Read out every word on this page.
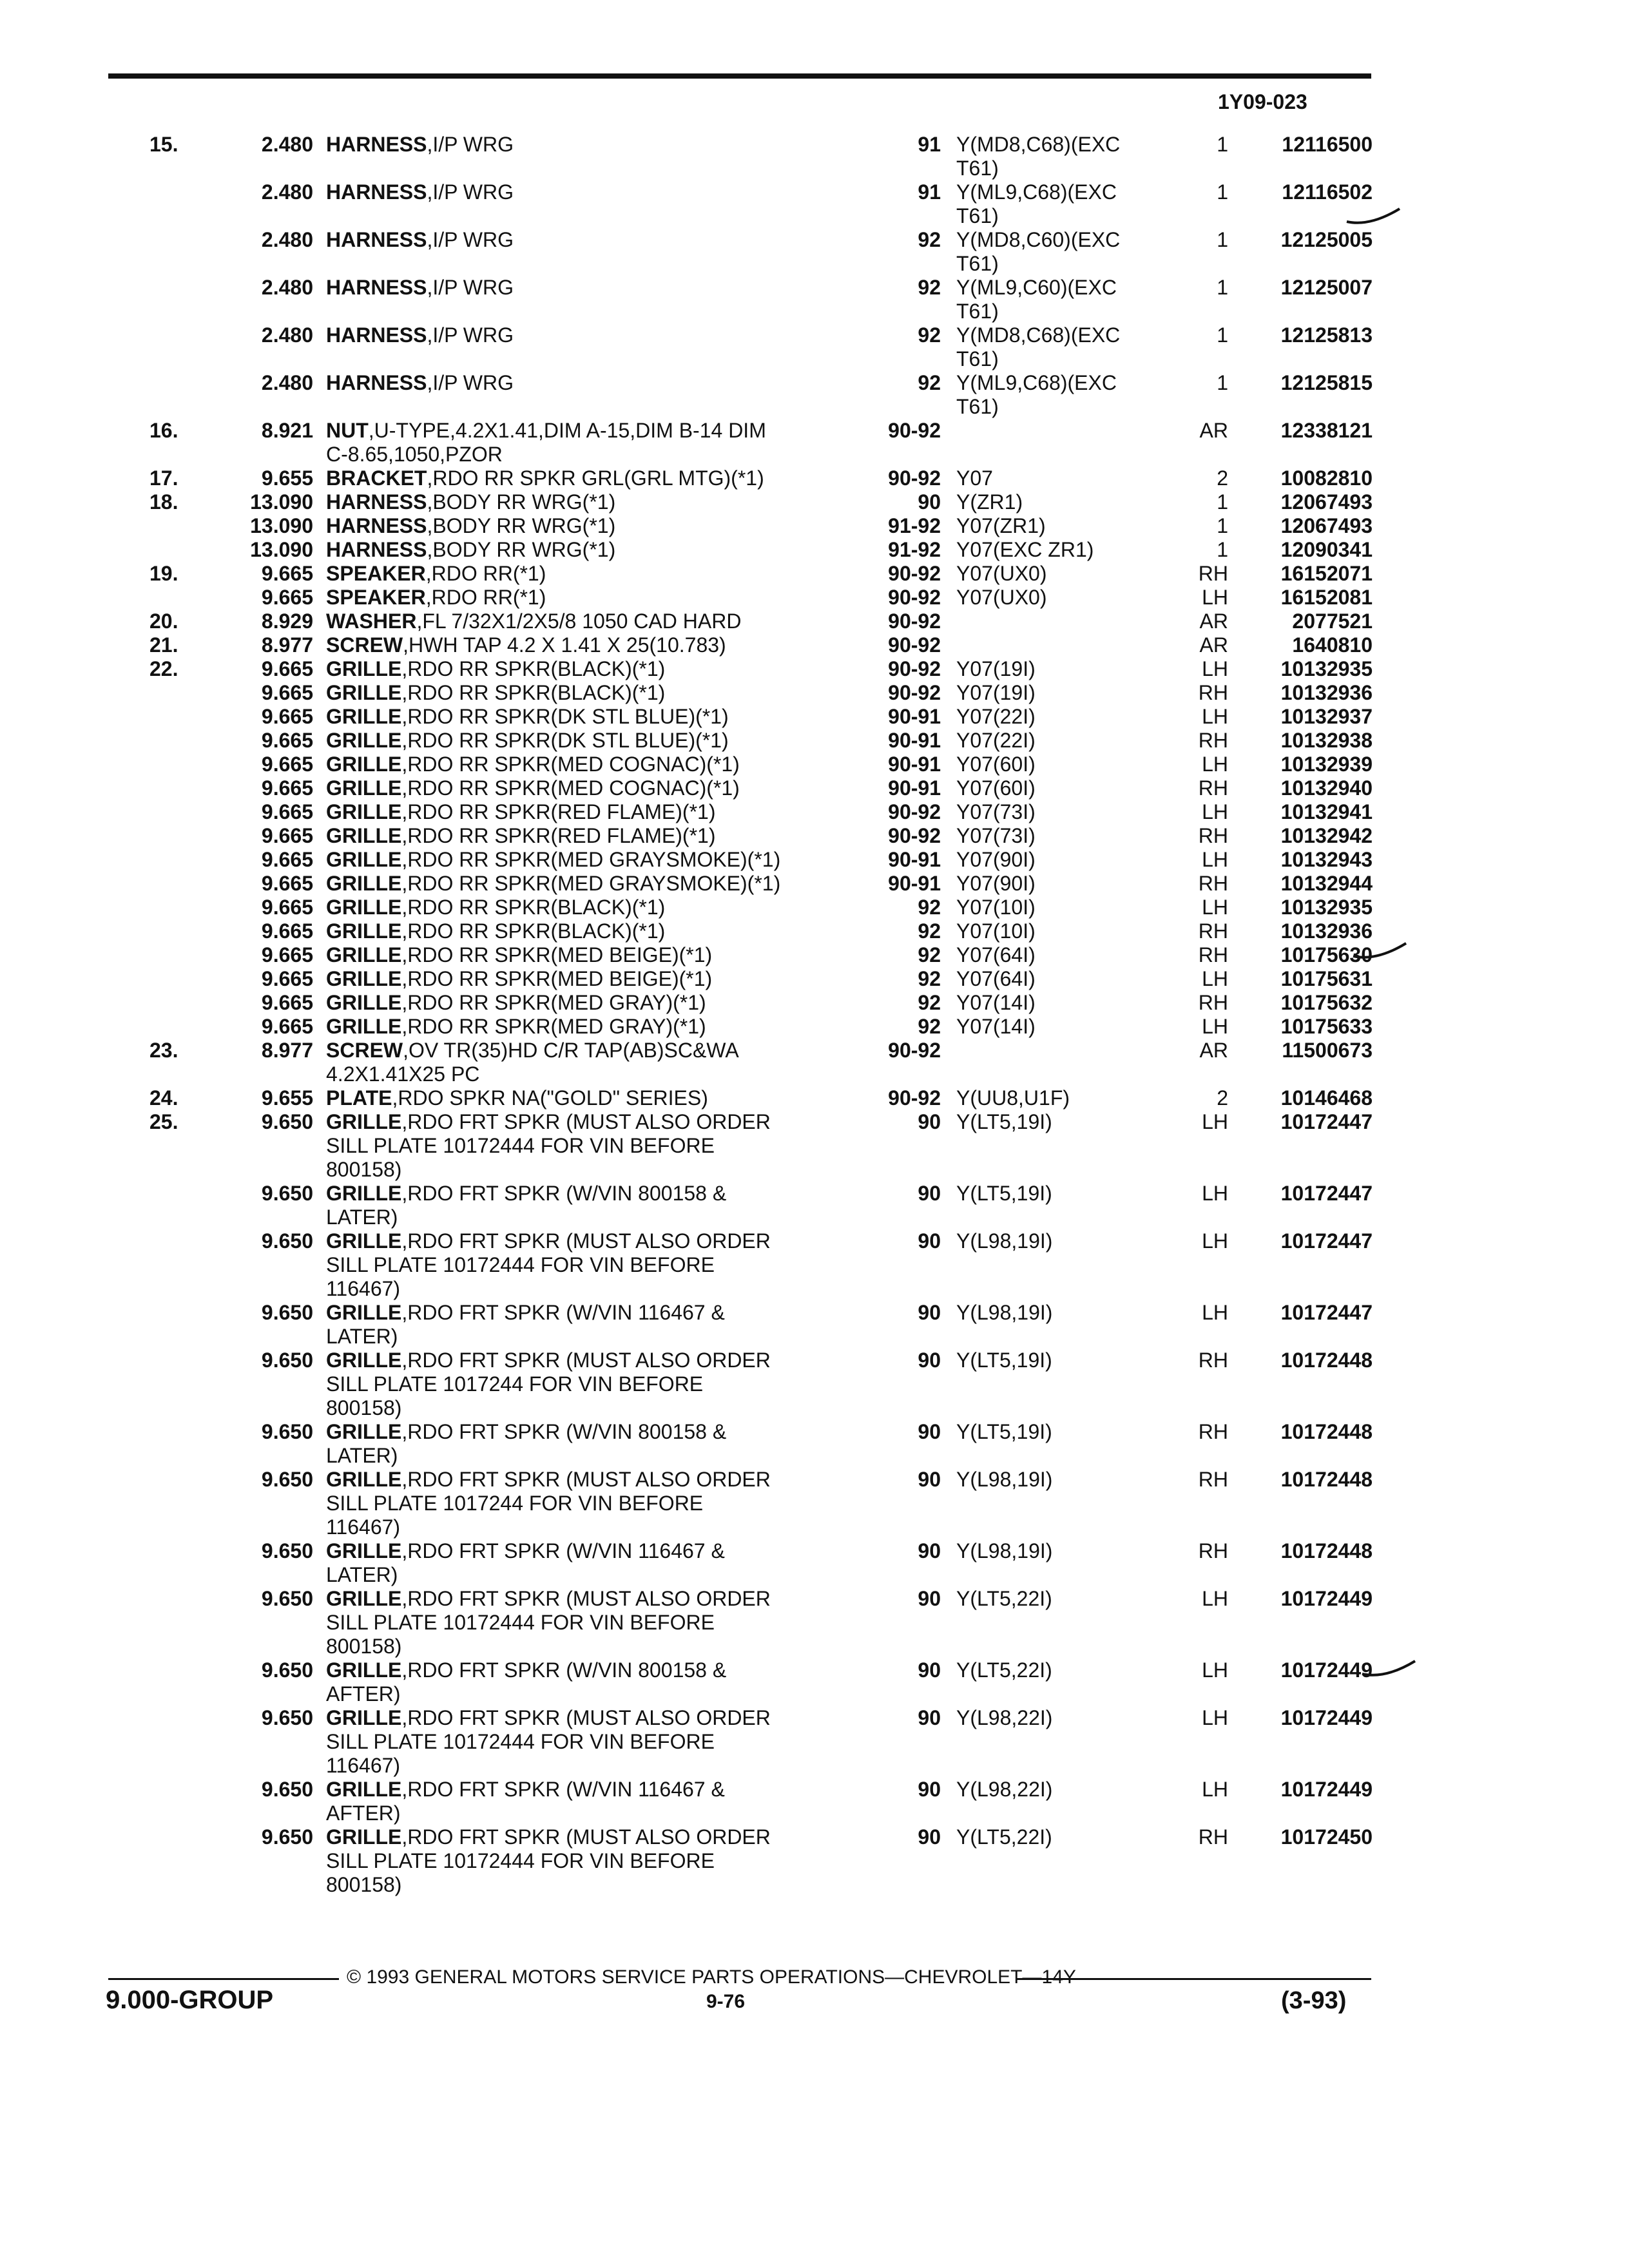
1Y09-023
15.	2.480 HARNESS,I/P WRG	91 Y(MD8,C68)(EXC
T61)
1	12116500
2.480 HARNESS,I/P WRG	91 Y(ML9,C68)(EXC
T61)
1	12116502
2.480 HARNESS,I/P WRG	92 Y(MD8,C60)(EXC
T61)
1	12125005
2.480 HARNESS,I/P WRG	92 Y(ML9,C60)(EXC
T61)
1	12125007
2.480 HARNESS,I/P WRG	92 Y(MD8,C68)(EXC
T61)
1	12125813
2.480 HARNESS,I/P WRG	92 Y(ML9,C68)(EXC
T61)
1	12125815
16.	8.921 NUT,U-TYPE,4.2X1.41,DIM A-15,DIM B-14 DIM
C-8.65,1050,PZOR
90-92	AR	12338121
17.	9.655 BRACKET,RDO RR SPKR GRL(GRL MTG)(*1)	90-92 Y07	2	10082810
18.	13.090 HARNESS,BODY RR WRG(*1)	90 Y(ZR1)	1	12067493
13.090 HARNESS,BODY RR WRG(*1)	91-92 Y07(ZR1)	1	12067493
13.090 HARNESS,BODY RR WRG(*1)	91-92 Y07(EXC ZR1)	1	12090341
19.	9.665 SPEAKER,RDO RR(*1)	90-92 Y07(UX0)	RH	16152071
9.665 SPEAKER,RDO RR(*1)	90-92 Y07(UX0)	LH	16152081
20.	8.929 WASHER,FL 7/32X1/2X5/8 1050 CAD HARD	90-92	AR	2077521
21.	8.977 SCREW,HWH TAP 4.2 X 1.41 X 25(10.783)	90-92	AR	1640810
22.	9.665 GRILLE,RDO RR SPKR(BLACK)(*1)	90-92 Y07(19I)	LH	10132935
9.665 GRILLE,RDO RR SPKR(BLACK)(*1)	90-92 Y07(19I)	RH	10132936
9.665 GRILLE,RDO RR SPKR(DK STL BLUE)(*1)	90-91 Y07(22I)	LH	10132937
9.665 GRILLE,RDO RR SPKR(DK STL BLUE)(*1)	90-91 Y07(22I)	RH	10132938
9.665 GRILLE,RDO RR SPKR(MED COGNAC)(*1)	90-91 Y07(60I)	LH	10132939
9.665 GRILLE,RDO RR SPKR(MED COGNAC)(*1)	90-91 Y07(60I)	RH	10132940
9.665 GRILLE,RDO RR SPKR(RED FLAME)(*1)	90-92 Y07(73I)	LH	10132941
9.665 GRILLE,RDO RR SPKR(RED FLAME)(*1)	90-92 Y07(73I)	RH	10132942
9.665 GRILLE,RDO RR SPKR(MED GRAYSMOKE)(*1)	90-91 Y07(90I)	LH	10132943
9.665 GRILLE,RDO RR SPKR(MED GRAYSMOKE)(*1)	90-91 Y07(90I)	RH	10132944
9.665 GRILLE,RDO RR SPKR(BLACK)(*1)	92 Y07(10I)	LH	10132935
9.665 GRILLE,RDO RR SPKR(BLACK)(*1)	92 Y07(10I)	RH	10132936
9.665 GRILLE,RDO RR SPKR(MED BEIGE)(*1)	92 Y07(64I)	RH	10175630
9.665 GRILLE,RDO RR SPKR(MED BEIGE)(*1)	92 Y07(64I)	LH	10175631
9.665 GRILLE,RDO RR SPKR(MED GRAY)(*1)	92 Y07(14I)	RH	10175632
9.665 GRILLE,RDO RR SPKR(MED GRAY)(*1)	92 Y07(14I)	LH	10175633
23.	8.977 SCREW,OV TR(35)HD C/R TAP(AB)SC&WA
4.2X1.41X25 PC
90-92	AR	11500673
24.	9.655 PLATE,RDO SPKR NA("GOLD" SERIES)	90-92 Y(UU8,U1F)	2	10146468
25.	9.650 GRILLE,RDO FRT SPKR (MUST ALSO ORDER
SILL PLATE 10172444 FOR VIN BEFORE
800158)
90 Y(LT5,19I)	LH	10172447
9.650 GRILLE,RDO FRT SPKR (W/VIN 800158 &
LATER)
90 Y(LT5,19I)	LH	10172447
9.650 GRILLE,RDO FRT SPKR (MUST ALSO ORDER
SILL PLATE 10172444 FOR VIN BEFORE
116467)
90 Y(L98,19I)	LH	10172447
9.650 GRILLE,RDO FRT SPKR (W/VIN 116467 &
LATER)
90 Y(L98,19I)	LH	10172447
9.650 GRILLE,RDO FRT SPKR (MUST ALSO ORDER
SILL PLATE 1017244 FOR VIN BEFORE
800158)
90 Y(LT5,19I)	RH	10172448
9.650 GRILLE,RDO FRT SPKR (W/VIN 800158 &
LATER)
90 Y(LT5,19I)	RH	10172448
9.650 GRILLE,RDO FRT SPKR (MUST ALSO ORDER
SILL PLATE 1017244 FOR VIN BEFORE
116467)
90 Y(L98,19I)	RH	10172448
9.650 GRILLE,RDO FRT SPKR (W/VIN 116467 &
LATER)
90 Y(L98,19I)	RH	10172448
9.650 GRILLE,RDO FRT SPKR (MUST ALSO ORDER
SILL PLATE 10172444 FOR VIN BEFORE
800158)
90 Y(LT5,22I)	LH	10172449
9.650 GRILLE,RDO FRT SPKR (W/VIN 800158 &
AFTER)
90 Y(LT5,22I)	LH	10172449
9.650 GRILLE,RDO FRT SPKR (MUST ALSO ORDER
SILL PLATE 10172444 FOR VIN BEFORE
116467)
90 Y(L98,22I)	LH	10172449
9.650 GRILLE,RDO FRT SPKR (W/VIN 116467 &
AFTER)
90 Y(L98,22I)	LH	10172449
9.650 GRILLE,RDO FRT SPKR (MUST ALSO ORDER
SILL PLATE 10172444 FOR VIN BEFORE
800158)
90 Y(LT5,22I)	RH	10172450
© 1993 GENERAL MOTORS SERVICE PARTS OPERATIONS—CHEVROLET—14Y
9.000-GROUP	9-76	(3-93)
